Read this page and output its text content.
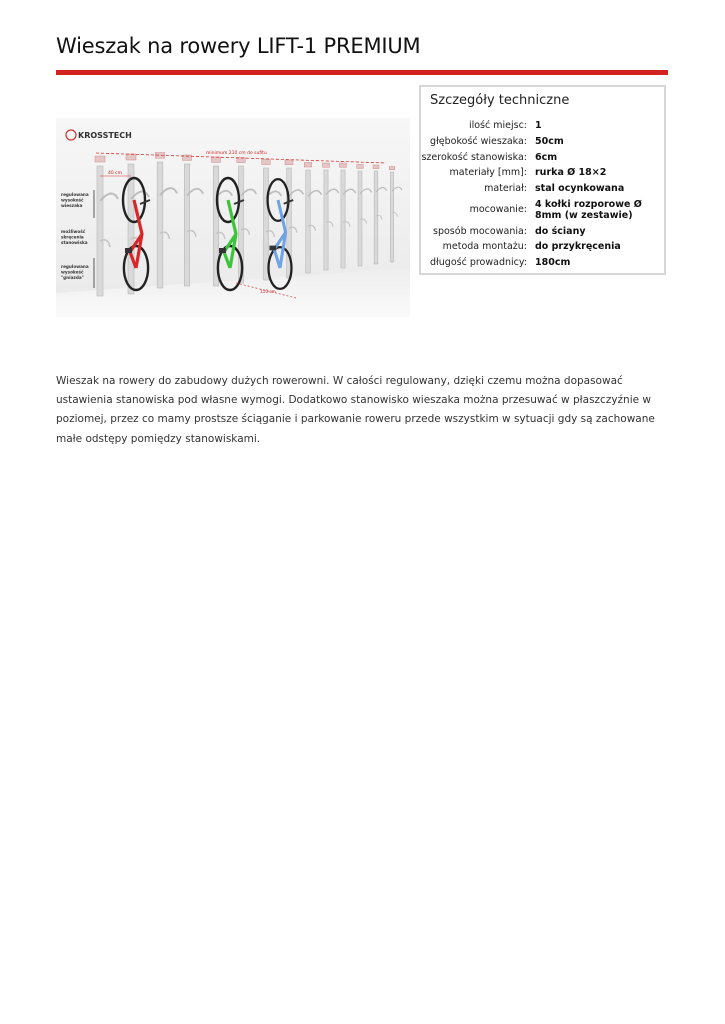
Wieszak na rowery LIFT-1 PREMIUM
KROSSTECH
minimum 210 cm do sufitu
40 cm
regulowana
wysokość
wieszaka
możliwość
skręcenia
stanowiska
regulowana
wysokość
"gniazda"
110 cm
Szczegóły techniczne
ilość miejsc:	1
głębokość wieszaka:	50cm
szerokość stanowiska:	6cm
materiały [mm]:	rurka Ø 18×2
materiał:	stal ocynkowana
mocowanie:	4 kołki rozporowe Ø 8mm (w zestawie)
sposób mocowania:	do ściany
metoda montażu:	do przykręcenia
długość prowadnicy:	180cm

Wieszak na rowery do zabudowy dużych rowerowni. W całości regulowany, dzięki czemu można dopasować ustawienia stanowiska pod własne wymogi. Dodatkowo stanowisko wieszaka można przesuwać w płaszczyźnie w poziomej, przez co mamy prostsze ściąganie i parkowanie roweru przede wszystkim w sytuacji gdy są zachowane małe odstępy pomiędzy stanowiskami.
